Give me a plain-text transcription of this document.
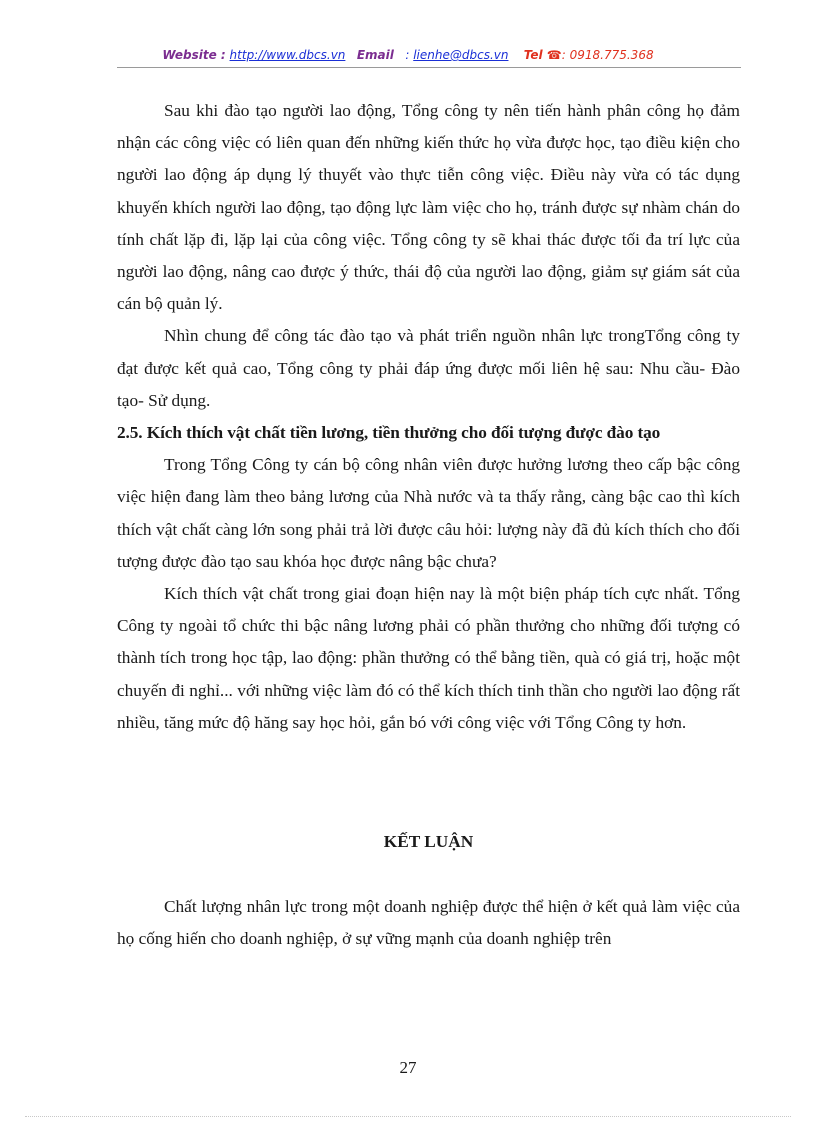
Website : http://www.dbcs.vn Email : lienhe@dbcs.vn Tel ☎: 0918.775.368

Sau khi đào tạo người lao động, Tổng công ty nên tiến hành phân công họ đảm nhận các công việc có liên quan đến những kiến thức họ vừa được học, tạo điều kiện cho người lao động áp dụng lý thuyết vào thực tiễn công việc. Điều này vừa có tác dụng khuyến khích người lao động, tạo động lực làm việc cho họ, tránh được sự nhàm chán do tính chất lặp đi, lặp lại của công việc. Tổng công ty sẽ khai thác được tối đa trí lực của người lao động, nâng cao được ý thức, thái độ của người lao động, giảm sự giám sát của cán bộ quản lý.

Nhìn chung để công tác đào tạo và phát triển nguồn nhân lực trongTổng công ty đạt được kết quả cao, Tổng công ty phải đáp ứng được mối liên hệ sau: Nhu cầu- Đào tạo- Sử dụng.

2.5. Kích thích vật chất tiền lương, tiền thưởng cho đối tượng được đào tạo

Trong Tổng Công ty cán bộ công nhân viên được hưởng lương theo cấp bậc công việc hiện đang làm theo bảng lương của Nhà nước và ta thấy rằng, càng bậc cao thì kích thích vật chất càng lớn song phải trả lời được câu hỏi: lượng này đã đủ kích thích cho đối tượng được đào tạo sau khóa học được nâng bậc chưa?

Kích thích vật chất trong giai đoạn hiện nay là một biện pháp tích cực nhất. Tổng Công ty ngoài tổ chức thi bậc nâng lương phải có phần thưởng cho những đối tượng có thành tích trong học tập, lao động: phần thưởng có thể bằng tiền, quà có giá trị, hoặc một chuyến đi nghỉ... với những việc làm đó có thể kích thích tinh thần cho người lao động rất nhiều, tăng mức độ hăng say học hỏi, gắn bó với công việc với Tổng Công ty hơn.

KẾT LUẬN

Chất lượng nhân lực trong một doanh nghiệp được thể hiện ở kết quả làm việc của họ cống hiến cho doanh nghiệp, ở sự vững mạnh của doanh nghiệp trên

27
